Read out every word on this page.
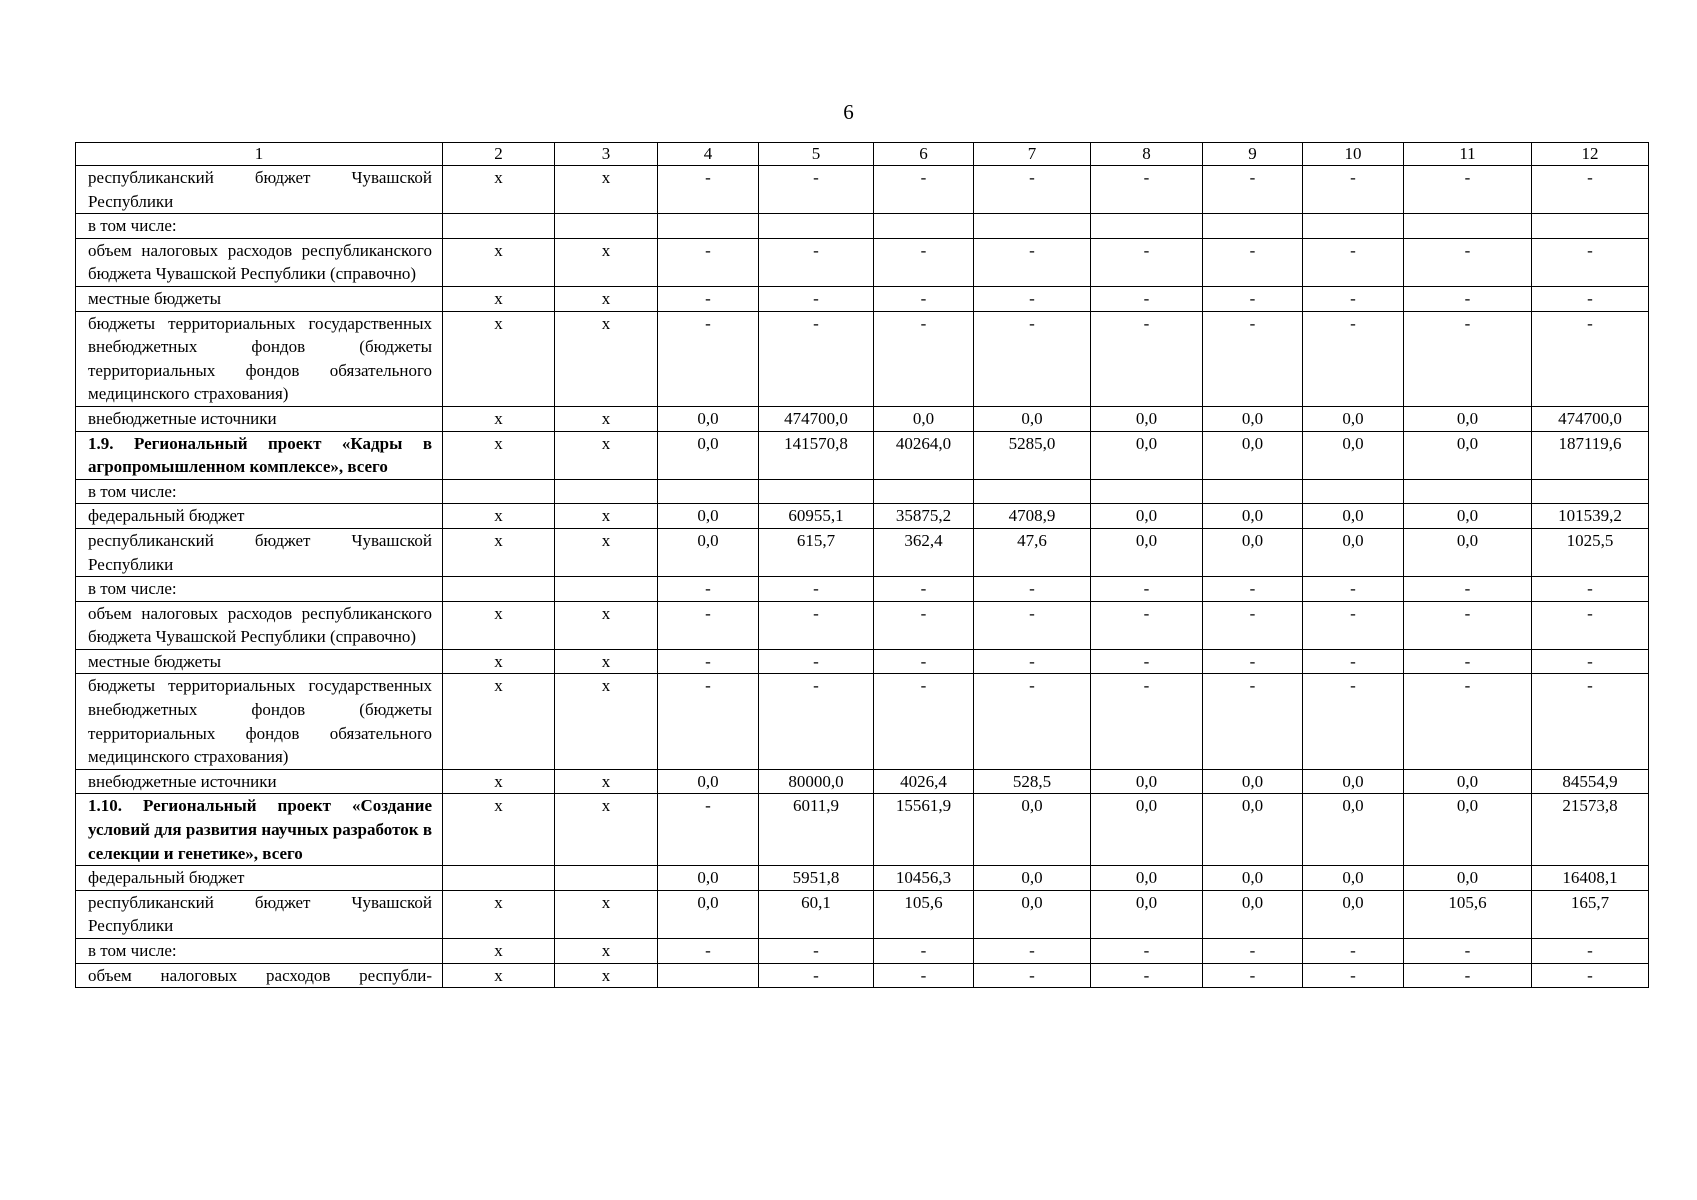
6
1	2	3	4	5	6	7	8	9	10	11	12
республиканский бюджет Чувашской Республики	x	x	-	-	-	-	-	-	-	-	-
в том числе:											
объем налоговых расходов республиканского бюджета Чувашской Республики (справочно)	x	x	-	-	-	-	-	-	-	-	-
местные бюджеты	x	x	-	-	-	-	-	-	-	-	-
бюджеты территориальных государственных внебюджетных фондов (бюджеты территориальных фондов обязательного медицинского страхования)	x	x	-	-	-	-	-	-	-	-	-
внебюджетные источники	x	x	0,0	474700,0	0,0	0,0	0,0	0,0	0,0	0,0	474700,0
1.9. Региональный проект «Кадры в агропромышленном комплексе», всего	x	x	0,0	141570,8	40264,0	5285,0	0,0	0,0	0,0	0,0	187119,6
в том числе:											
федеральный бюджет	x	x	0,0	60955,1	35875,2	4708,9	0,0	0,0	0,0	0,0	101539,2
республиканский бюджет Чувашской Республики	x	x	0,0	615,7	362,4	47,6	0,0	0,0	0,0	0,0	1025,5
в том числе:			-	-	-	-	-	-	-	-	-
объем налоговых расходов республиканского бюджета Чувашской Республики (справочно)	x	x	-	-	-	-	-	-	-	-	-
местные бюджеты	x	x	-	-	-	-	-	-	-	-	-
бюджеты территориальных государственных внебюджетных фондов (бюджеты территориальных фондов обязательного медицинского страхования)	x	x	-	-	-	-	-	-	-	-	-
внебюджетные источники	x	x	0,0	80000,0	4026,4	528,5	0,0	0,0	0,0	0,0	84554,9
1.10. Региональный проект «Создание условий для развития научных разработок в селекции и генетике», всего	x	x	-	6011,9	15561,9	0,0	0,0	0,0	0,0	0,0	21573,8
федеральный бюджет			0,0	5951,8	10456,3	0,0	0,0	0,0	0,0	0,0	16408,1
республиканский бюджет Чувашской Республики	x	x	0,0	60,1	105,6	0,0	0,0	0,0	0,0	105,6	165,7
в том числе:	x	x	-	-	-	-	-	-	-	-	-
объем налоговых расходов республи-	x	x		-	-	-	-	-	-	-	-
